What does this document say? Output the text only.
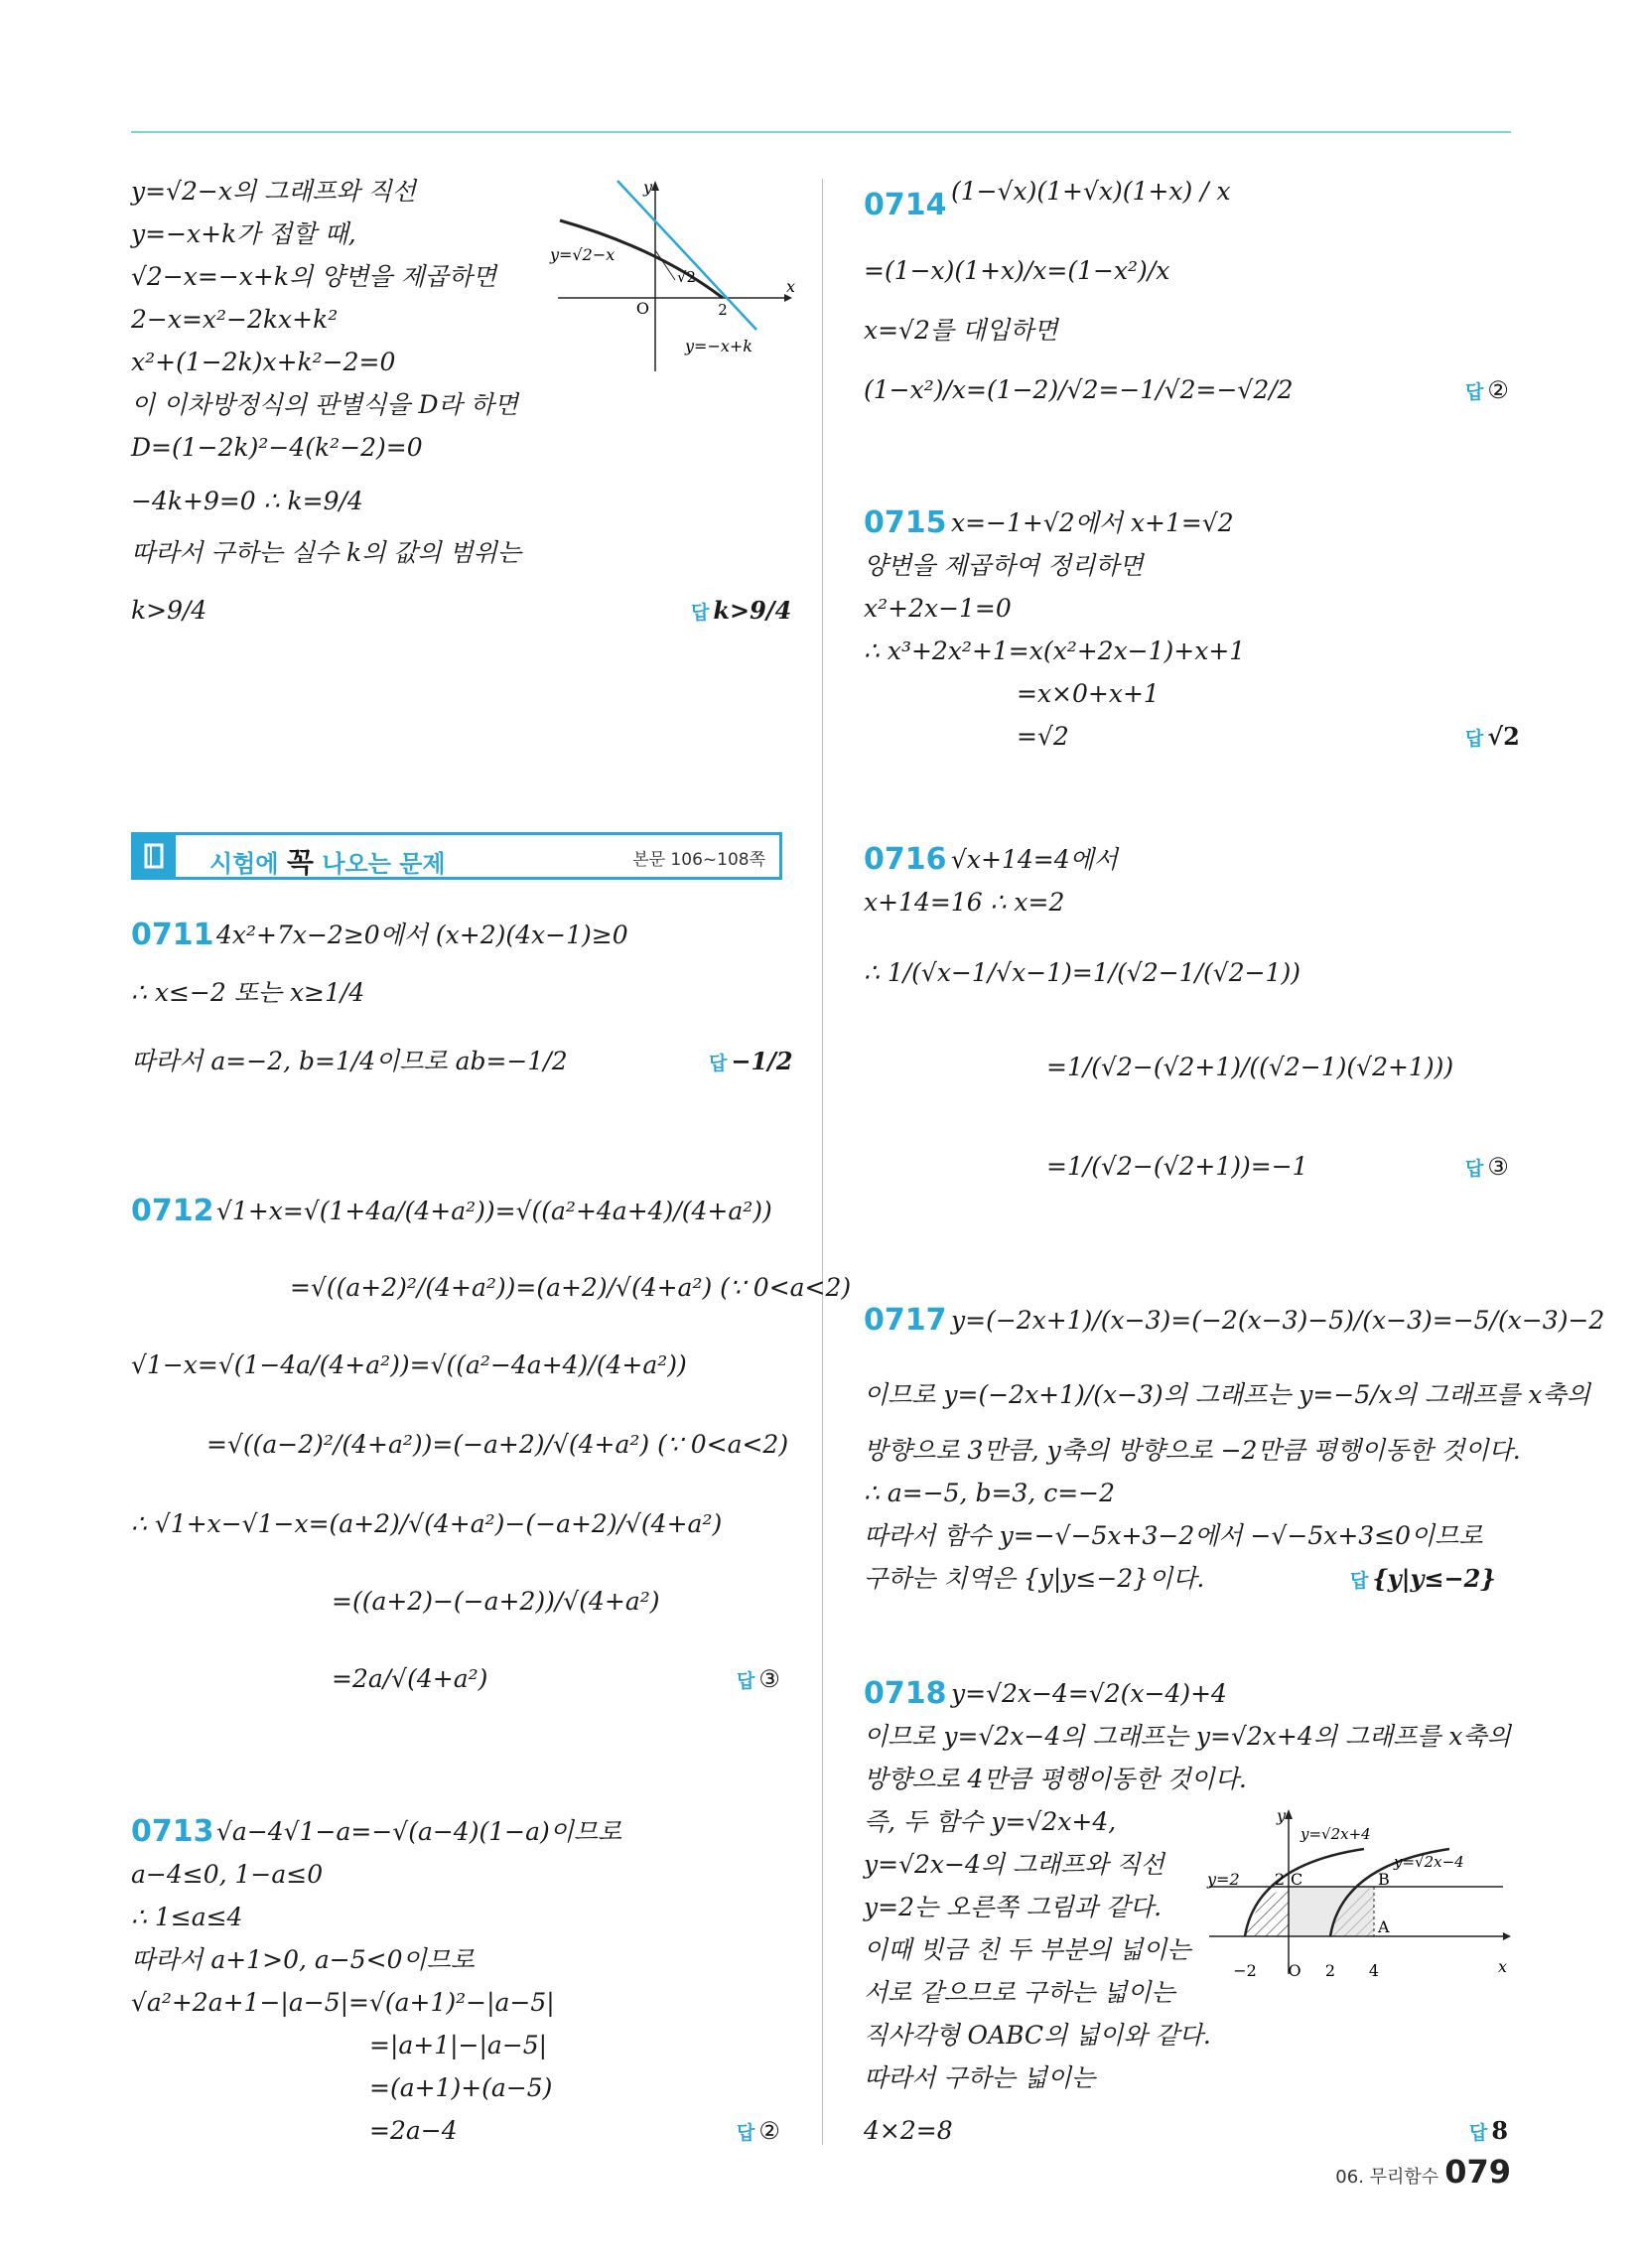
y=√2−x의 그래프와 직선
y=−x+k가 접할 때,
√2−x=−x+k의 양변을 제곱하면
2−x=x²−2kx+k²
x²+(1−2k)x+k²−2=0
이 이차방정식의 판별식을 D라 하면
D=(1−2k)²−4(k²−2)=0
−4k+9=0 ∴ k=9/4
따라서 구하는 실수 k의 값의 범위는
k>9/4	답 k>9/4
O	2
x
y
y=√2−x
√2
y=−x+k
시험에 꼭 나오는 문제	본문 106~108쪽
0711 4x²+7x−2≥0에서 (x+2)(4x−1)≥0
∴ x≤−2 또는 x≥1/4
따라서 a=−2, b=1/4이므로 ab=−1/2	답 −1/2
0712 √1+x=√(1+4a/(4+a²))=√((a²+4a+4)/(4+a²))
=√((a+2)²/(4+a²))=(a+2)/√(4+a²) (∵ 0<a<2)
√1−x=√(1−4a/(4+a²))=√((a²−4a+4)/(4+a²))
=√((a−2)²/(4+a²))=(−a+2)/√(4+a²) (∵ 0<a<2)
∴ √1+x−√1−x=(a+2)/√(4+a²)−(−a+2)/√(4+a²)
=((a+2)−(−a+2))/√(4+a²)
=2a/√(4+a²)	답 ③
0713 √a−4√1−a=−√(a−4)(1−a)이므로
a−4≤0, 1−a≤0
∴ 1≤a≤4
따라서 a+1>0, a−5<0이므로
√a²+2a+1−|a−5|=√(a+1)²−|a−5|
=|a+1|−|a−5|
=(a+1)+(a−5)
=2a−4	답 ②
0714 (1−√x)(1+√x)(1+x) / x
=(1−x)(1+x)/x=(1−x²)/x
x=√2를 대입하면
(1−x²)/x=(1−2)/√2=−1/√2=−√2/2	답 ②
0715 x=−1+√2에서 x+1=√2
양변을 제곱하여 정리하면
x²+2x−1=0
∴ x³+2x²+1=x(x²+2x−1)+x+1
=x×0+x+1
=√2	답 √2
0716 √x+14=4에서
x+14=16 ∴ x=2
∴ 1/(√x−1/√x−1)=1/(√2−1/(√2−1))
=1/(√2−(√2+1)/((√2−1)(√2+1)))
=1/(√2−(√2+1))=−1	답 ③
0717 y=(−2x+1)/(x−3)=(−2(x−3)−5)/(x−3)=−5/(x−3)−2
이므로 y=(−2x+1)/(x−3)의 그래프는 y=−5/x의 그래프를 x축의
방향으로 3만큼, y축의 방향으로 −2만큼 평행이동한 것이다.
∴ a=−5, b=3, c=−2
따라서 함수 y=−√−5x+3−2에서 −√−5x+3≤0이므로
구하는 치역은 {y|y≤−2}이다.	답 {y|y≤−2}
0718 y=√2x−4=√2(x−4)+4
이므로 y=√2x−4의 그래프는 y=√2x+4의 그래프를 x축의
방향으로 4만큼 평행이동한 것이다.
즉, 두 함수 y=√2x+4,
y=√2x−4의 그래프와 직선
y=2는 오른쪽 그림과 같다.
이때 빗금 친 두 부분의 넓이는
서로 같으므로 구하는 넓이는
직사각형 OABC의 넓이와 같다.
따라서 구하는 넓이는
4×2=8	답 8
O
−2	2 4
2
y=2	C	B
A
x
y
y=√2x+4
y=√2x−4
06. 무리함수 079
